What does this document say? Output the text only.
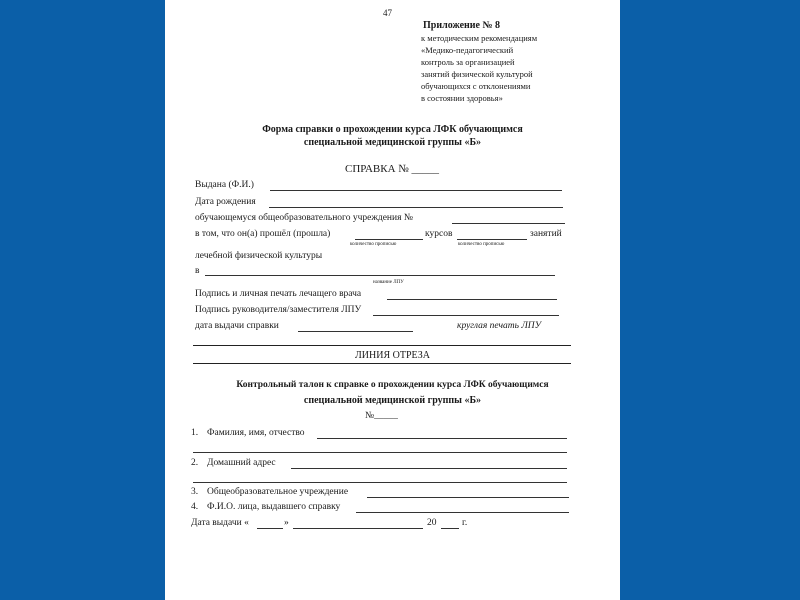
47
Приложение № 8
к методическим рекомендациям
«Медико-педагогический
контроль за организацией
занятий физической культурой
обучающихся с отклонениями
в состоянии здоровья»
Форма справки о прохождении курса ЛФК обучающимся
специальной медицинской группы «Б»
СПРАВКА № _____
Выдана (Ф.И.)
Дата рождения
обучающемуся общеобразовательного учреждения №
в том, что он(а) прошёл (прошла)	курсов	занятий
количество прописью	количество прописью
лечебной физической культуры
в
название ЛПУ
Подпись и личная печать лечащего врача
Подпись руководителя/заместителя ЛПУ
дата выдачи справки	круглая печать ЛПУ
ЛИНИЯ ОТРЕЗА
Контрольный талон к справке о прохождении курса ЛФК обучающимся
специальной медицинской группы «Б»
№_____
1. Фамилия, имя, отчество
2. Домашний адрес
3. Общеобразовательное учреждение
4. Ф.И.О. лица, выдавшего справку
Дата выдачи «	»	20	г.
